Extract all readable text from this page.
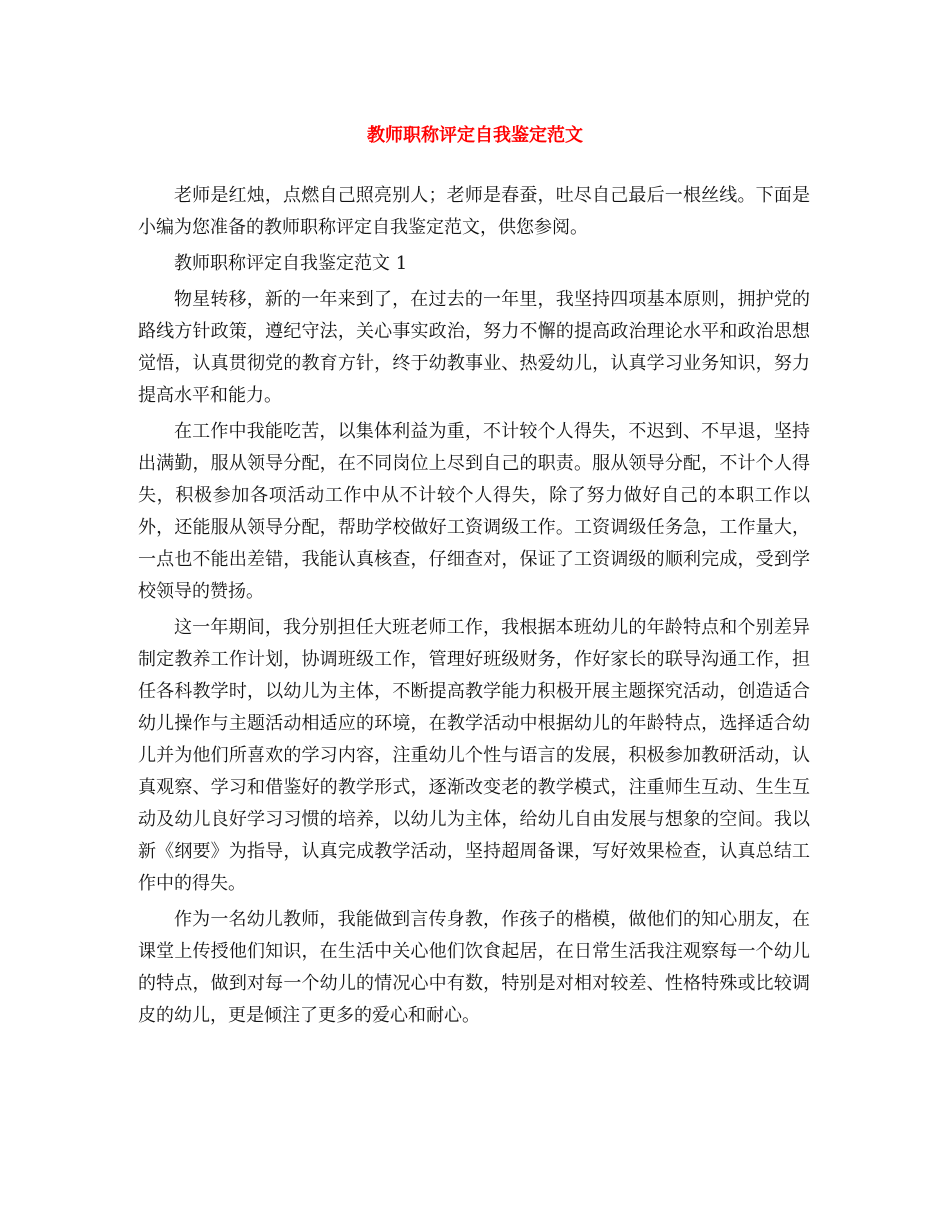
教师职称评定自我鉴定范文

老师是红烛，点燃自己照亮别人；老师是春蚕，吐尽自己最后一根丝线。下面是小编为您准备的教师职称评定自我鉴定范文，供您参阅。

教师职称评定自我鉴定范文 1

物星转移，新的一年来到了，在过去的一年里，我坚持四项基本原则，拥护党的路线方针政策，遵纪守法，关心事实政治，努力不懈的提高政治理论水平和政治思想觉悟，认真贯彻党的教育方针，终于幼教事业、热爱幼儿，认真学习业务知识，努力提高水平和能力。

在工作中我能吃苦，以集体利益为重，不计较个人得失，不迟到、不早退，坚持出满勤，服从领导分配，在不同岗位上尽到自己的职责。服从领导分配，不计个人得失，积极参加各项活动工作中从不计较个人得失，除了努力做好自己的本职工作以外，还能服从领导分配，帮助学校做好工资调级工作。工资调级任务急，工作量大，一点也不能出差错，我能认真核查，仔细查对，保证了工资调级的顺利完成，受到学校领导的赞扬。

这一年期间，我分别担任大班老师工作，我根据本班幼儿的年龄特点和个别差异制定教养工作计划，协调班级工作，管理好班级财务，作好家长的联导沟通工作，担任各科教学时，以幼儿为主体，不断提高教学能力积极开展主题探究活动，创造适合幼儿操作与主题活动相适应的环境，在教学活动中根据幼儿的年龄特点，选择适合幼儿并为他们所喜欢的学习内容，注重幼儿个性与语言的发展，积极参加教研活动，认真观察、学习和借鉴好的教学形式，逐渐改变老的教学模式，注重师生互动、生生互动及幼儿良好学习习惯的培养，以幼儿为主体，给幼儿自由发展与想象的空间。我以新《纲要》为指导，认真完成教学活动，坚持超周备课，写好效果检查，认真总结工作中的得失。

作为一名幼儿教师，我能做到言传身教，作孩子的楷模，做他们的知心朋友，在课堂上传授他们知识，在生活中关心他们饮食起居，在日常生活我注观察每一个幼儿的特点，做到对每一个幼儿的情况心中有数，特别是对相对较差、性格特殊或比较调皮的幼儿，更是倾注了更多的爱心和耐心。
